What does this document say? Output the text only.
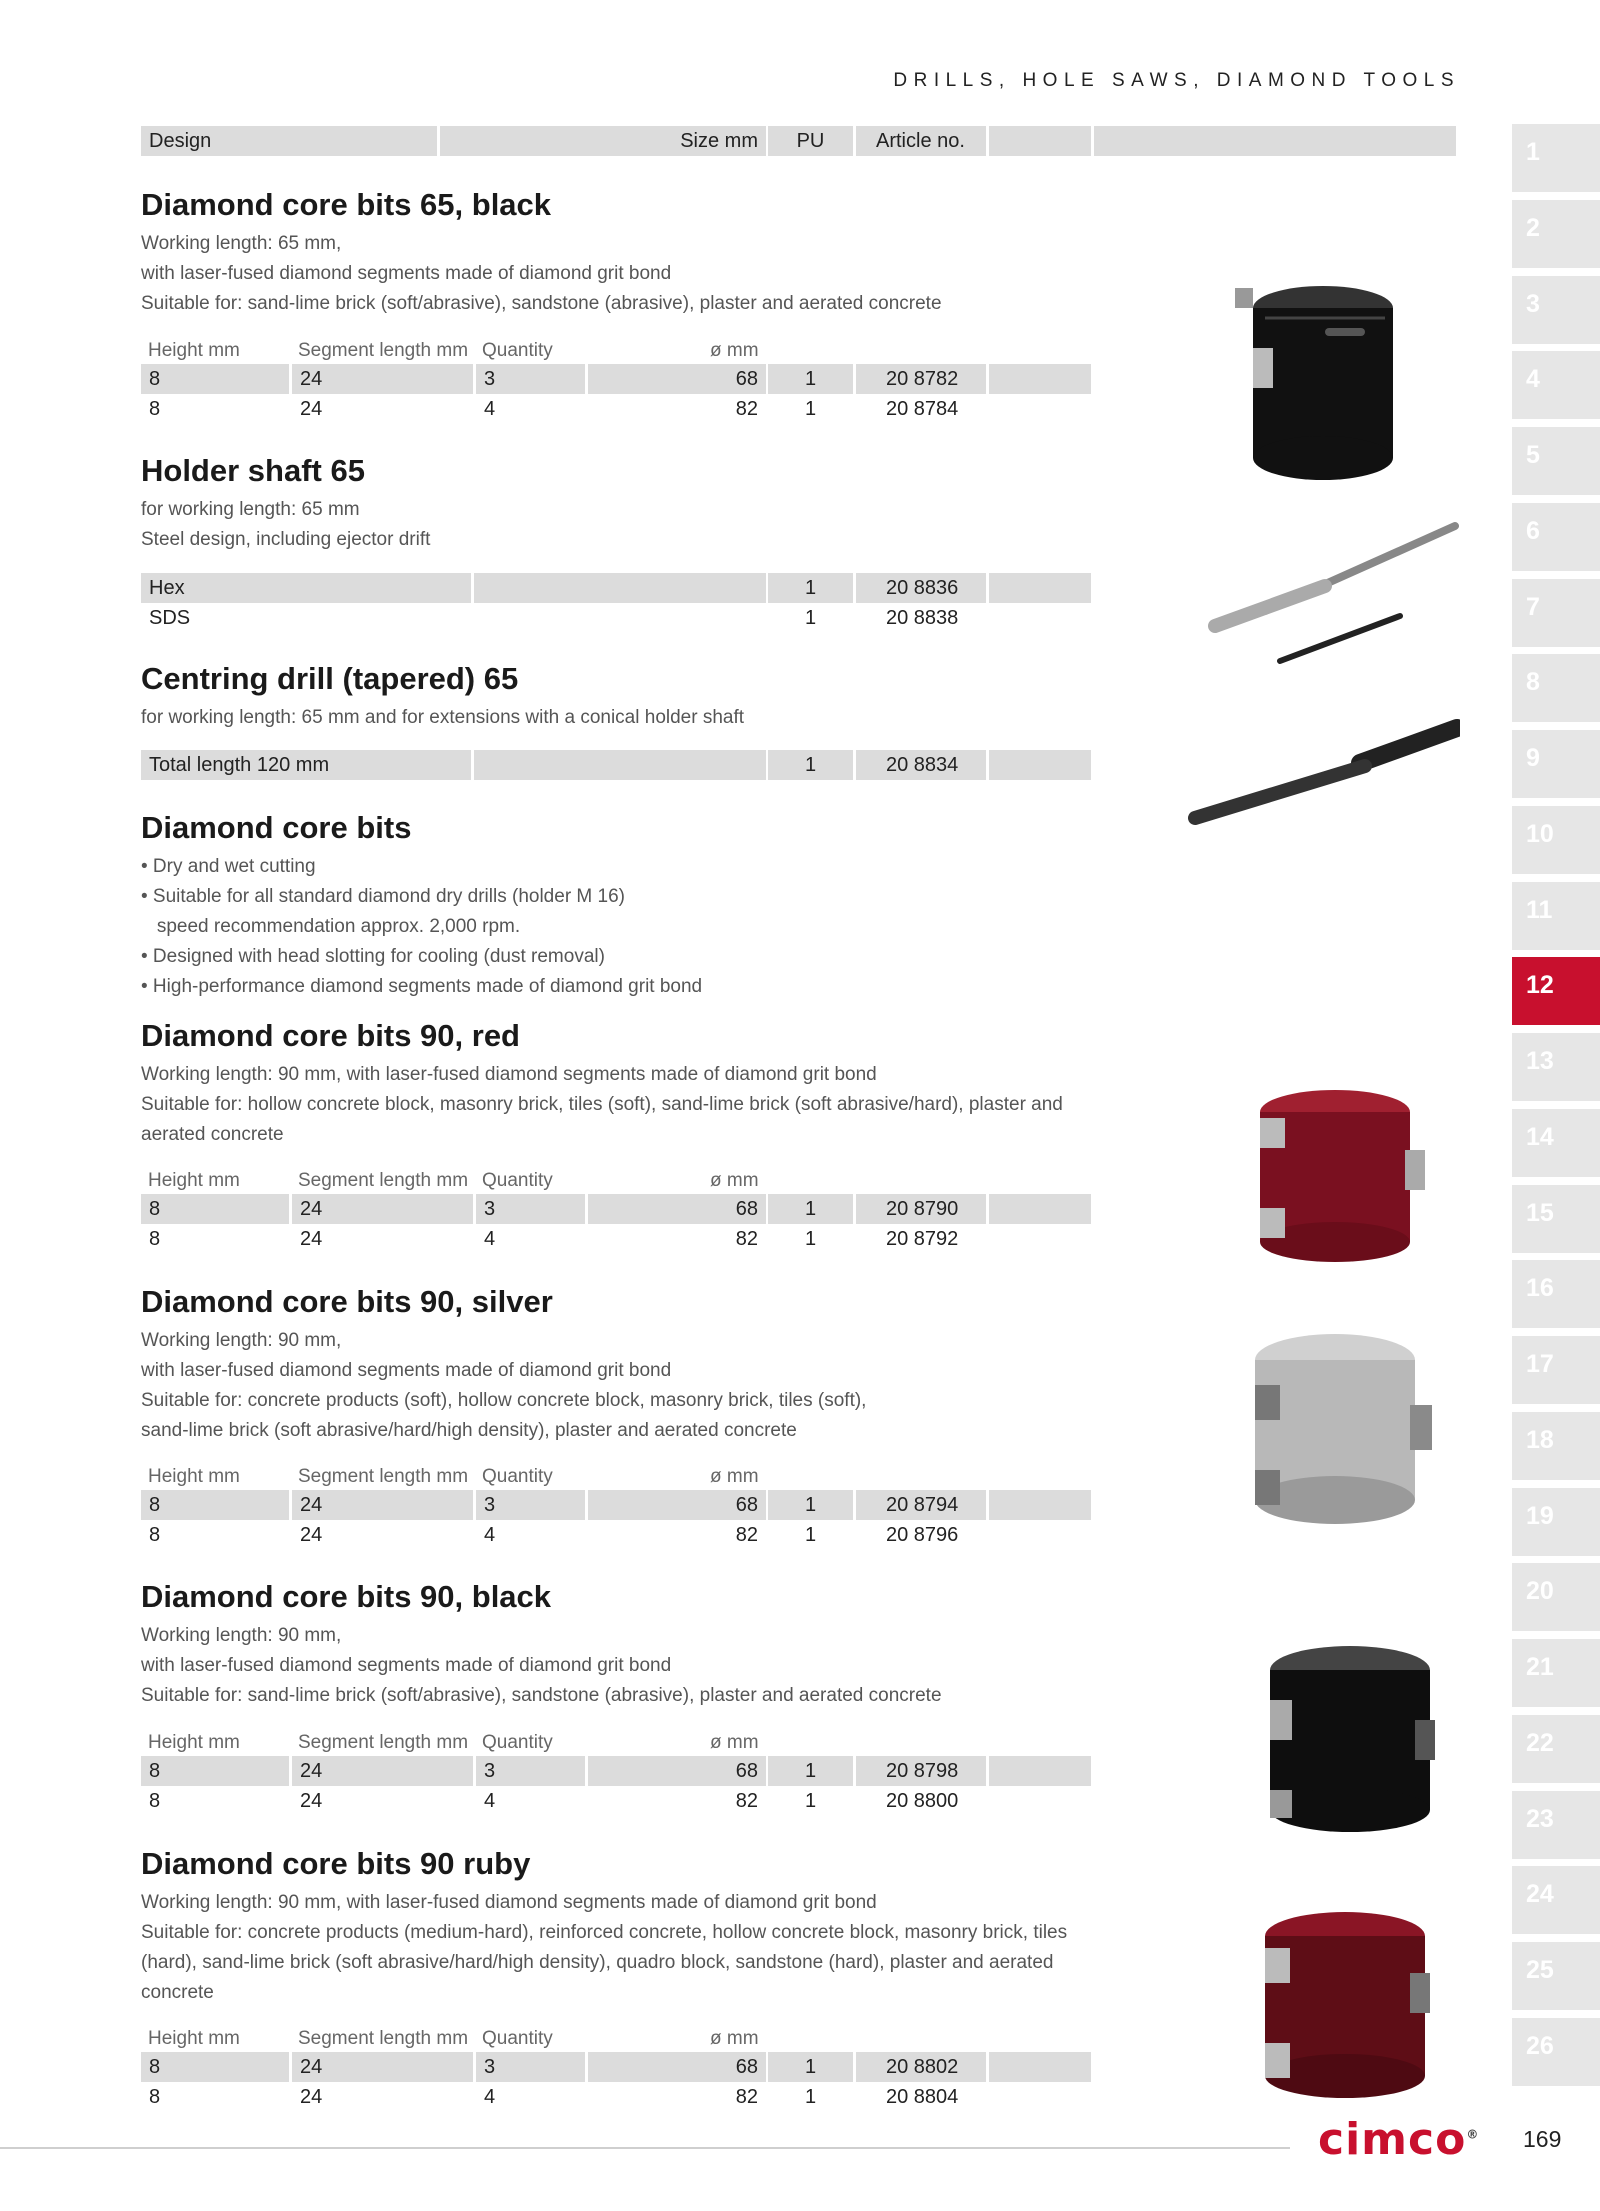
DRILLS, HOLE SAWS, DIAMOND TOOLS
Design	Size mm	PU	Article no.
Diamond core bits 65, black
Working length: 65 mm,
with laser-fused diamond segments made of diamond grit bond
Suitable for: sand-lime brick (soft/abrasive), sandstone (abrasive), plaster and aerated concrete
Height mm	Segment length mm Quantity	ø mm
8	24	3	68	1	20 8782
8	24	4	82	1	20 8784
Holder shaft 65
for working length: 65 mm
Steel design, including ejector drift
Hex	1	20 8836
SDS	1	20 8838
Centring drill (tapered) 65
for working length: 65 mm and for extensions with a conical holder shaft
Total length 120 mm	1	20 8834
Diamond core bits
• Dry and wet cutting
• Suitable for all standard diamond dry drills (holder M 16)
speed recommendation approx. 2,000 rpm.
• Designed with head slotting for cooling (dust removal)
• High-performance diamond segments made of diamond grit bond
Diamond core bits 90, red
Working length: 90 mm, with laser-fused diamond segments made of diamond grit bond
Suitable for: hollow concrete block, masonry brick, tiles (soft), sand-lime brick (soft abrasive/hard), plaster and
aerated concrete
Height mm	Segment length mm Quantity	ø mm
8	24	3	68	1	20 8790
8	24	4	82	1	20 8792
Diamond core bits 90, silver
Working length: 90 mm,
with laser-fused diamond segments made of diamond grit bond
Suitable for: concrete products (soft), hollow concrete block, masonry brick, tiles (soft),
sand-lime brick (soft abrasive/hard/high density), plaster and aerated concrete
Height mm	Segment length mm Quantity	ø mm
8	24	3	68	1	20 8794
8	24	4	82	1	20 8796
Diamond core bits 90, black
Working length: 90 mm,
with laser-fused diamond segments made of diamond grit bond
Suitable for: sand-lime brick (soft/abrasive), sandstone (abrasive), plaster and aerated concrete
Height mm	Segment length mm Quantity	ø mm
8	24	3	68	1	20 8798
8	24	4	82	1	20 8800
Diamond core bits 90 ruby
Working length: 90 mm, with laser-fused diamond segments made of diamond grit bond
Suitable for: concrete products (medium-hard), reinforced concrete, hollow concrete block, masonry brick, tiles
(hard), sand-lime brick (soft abrasive/hard/high density), quadro block, sandstone (hard), plaster and aerated
concrete
Height mm	Segment length mm Quantity	ø mm
8	24	3	68	1	20 8802
8	24	4	82	1	20 8804
1
2
3
4
5
6
7
8
9
10
11
12
13
14
15
16
17
18
19
20
21
22
23
24
25
26
cimco® 169
